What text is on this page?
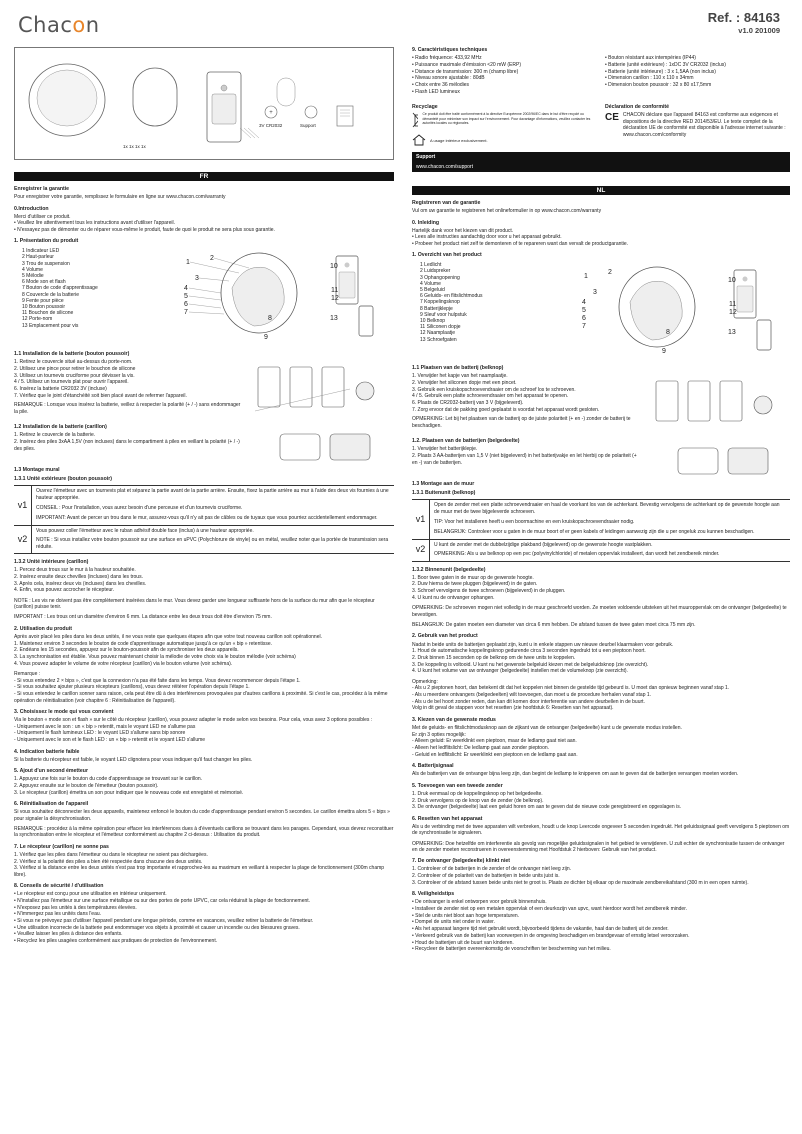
Chacon	Ref. : 84163
v1.0 201009
+
1x 1x 1x 1x
3V CR2032	Support
9. Caractéristiques techniques
• Radio fréquence: 433,92 MHz
• Puissance maximale d'émission <20 mW (ERP)
• Distance de transmission: 300 m (champ libre)
• Niveau sonore ajustable : 80dB
• Choix entre 36 mélodies
• Flash LED lumineux
• Bouton résistant aux intempéries (IP44)
• Batterie (unité extérieure) : 1xDC 3V CR2032 (inclus)
• Batterie (unité intérieure) : 3 x 1,5AA (non inclus)
• Dimension carillon : 110 x 110 x 34mm
• Dimension bouton poussoir : 32 x 80 x17,5mm
Recyclage
Ce produit doit être traité conformément à la directive Européenne 2002/96/EC dans le but d'être recyclé ou démantelé pour minimiser son impact sur l'environnement. Pour davantage d'informations, veuillez contacter les autorités locales ou régionales.
A usage intérieur exclusivement.
Déclaration de conformité
CE CHACON déclare que l'appareil 84163 est conforme aux exigences et dispositions de la directive RED 2014/53/EU. Le texte complet de la déclaration UE de conformité est disponible à l'adresse internet suivante : www.chacon.com/conformity
Support
www.chacon.com/support
FR
Enregistrer la garantie
Pour enregistrer votre garantie, remplissez le formulaire en ligne sur www.chacon.com/warranty
0.Introduction
Merci d'utiliser ce produit.
• Veuillez lire attentivement tous les instructions avant d'utiliser l'appareil.
• N'essayez pas de démonter ou de réparer vous-même le produit, faute de quoi le produit ne sera plus sous garantie.
1. Présentation du produit
1 Indicateur LED
2 Haut-parleur
3 Trou de suspension
4 Volume
5 Mélodie
6 Mode son et flash
7 Bouton de code d'apprentissage
8 Couvercle de la batterie
9 Fente pour pièce
10 Bouton poussoir
11 Bouchon de silicone
12 Porte-nom
13 Emplacement pour vis
1
2
3
4
5
6
7
8
9
10
11
12
13
1.1 Installation de la batterie (bouton poussoir)
1. Retirez le couvercle situé au-dessus du porte-nom.
2. Utilisez une pince pour retirer le bouchon de silicone
3. Utilisez un tournevis cruciforme pour dévisser la vis.
4 / 5. Utilisez un tournevis plat pour ouvrir l'appareil.
6. Insérez la batterie CR2032 3V (incluse)
7. Vérifiez que le joint d'étanchéité soit bien placé avant de refermer l'appareil.
REMARQUE : Lorsque vous insérez la batterie, veillez à respecter la polarité (+ / -) sans endommager la pile.
1.2 Installation de la batterie (carillon)
1. Retirez le couvercle de la batterie.
2. Insérez des piles 3xAA 1,5V (non incluses) dans le compartiment à piles en veillant la polarité (+ / -) des piles.
1.3 Montage mural
1.3.1 Unité extérieure (bouton poussoir)
v1
Ouvrez l'émetteur avec un tournevis plat et séparez la partie avant de la partie arrière. Ensuite, fixez la partie arrière au mur à l'aide des deux vis fournies à une hauteur appropriée.
CONSEIL : Pour l'installation, vous aurez besoin d'une perceuse et d'un tournevis cruciforme.
IMPORTANT: Avant de percer un trou dans le mur, assurez-vous qu'il n'y ait pas de câbles ou de tuyaux que vous pourriez accidentellement endommager.
v2
Vous pouvez coller l'émetteur avec le ruban adhésif double face (inclus) à une hauteur appropriée.
NOTE : Si vous installez votre bouton poussoir sur une surface en uPVC (Polychlorure de vinyle) ou en métal, veuillez noter que la portée de transmission sera réduite.
1.3.2 Unité intérieure (carillon)
1. Percez deux trous sur le mur à la hauteur souhaitée.
2. Insérez ensuite deux chevilles (incluses) dans les trous.
3. Après cela, insérez deux vis (incluses) dans les chevilles.
4. Enfin, vous pouvez accrocher le récepteur.
NOTE : Les vis ne doivent pas être complètement insérées dans le mur. Vous devez garder une longueur suffisante hors de la surface du mur afin que le récepteur (carillon) puisse tenir.
IMPORTANT : Les trous ont un diamètre d'environ 6 mm. La distance entre les deux trous doit être d'environ 75 mm.
2. Utilisation du produit
Après avoir placé les piles dans les deux unités, il ne vous reste que quelques étapes afin que votre tout nouveau carillon soit opérationnel.
1. Maintenez environ 3 secondes le bouton de code d'apprentissage automatique jusqu'à ce qu'un « bip » retentisse.
2. Endéans les 15 secondes, appuyez sur le bouton-poussoir afin de synchroniser les deux appareils.
3. La synchronisation est établie. Vous pouvez maintenant choisir la mélodie de votre choix via le bouton mélodie (voir schéma)
4. Vous pouvez adapter le volume de votre récepteur (carillon) via le bouton volume (voir schéma).
Remarque :
- Si vous entendez 2 × bips », c'est que la connexion n'a pas été faite dans les temps. Vous devez recommencer depuis l'étape 1.
- Si vous souhaitez ajouter plusieurs récepteurs (carillons), vous devez réitérer l'opération depuis l'étape 1.
- Si vous entendez le carillon sonner sans raison, cela peut être dû à des interférences provoquées par d'autres carillons à proximité. Si c'est le cas, procédez à la même opération de réinitialisation (voir chapitre 6 : Réinitialisation de l'appareil).
3. Choisissez le mode qui vous convient
Via le bouton « mode son et flash » sur le côté du récepteur (carillon), vous pouvez adapter le mode selon vos besoins. Pour cela, vous avez 3 options possibles :
- Uniquement avec le son : un « bip » retentit, mais le voyant LED ne s'allume pas
- Uniquement le flash lumineux LED : le voyant LED s'allume sans bip sonore
- Uniquement avec le son et le flash LED : un « bip » retentit et le voyant LED s'allume
4. Indication batterie faible
Si la batterie du récepteur est faible, le voyant LED clignotera pour vous indiquer qu'il faut changer les piles.
5. Ajout d'un second émetteur
1. Appuyez une fois sur le bouton du code d'apprentissage se trouvant sur le carillon.
2. Appuyez ensuite sur le bouton de l'émetteur (bouton poussoir).
3. Le récepteur (carillon) émettra un son pour indiquer que le nouveau code est enregistré et mémorisé.
6. Réinitialisation de l'appareil
Si vous souhaitez déconnecter les deux appareils, maintenez enfoncé le bouton du code d'apprentissage pendant environ 5 secondes. Le carillon émettra alors 5 « bips » pour signaler la désynchronisation.
REMARQUE : procédez à la même opération pour effacer les interférences dues à d'éventuels carillons se trouvant dans les parages. Cependant, vous devrez reconstituer la synchronisation entre le récepteur et l'émetteur conformément au chapitre 2 ci-dessus : Utilisation du produit.
7. Le récepteur (carillon) ne sonne pas
1. Vérifiez que les piles dans l'émetteur ou dans le récepteur ne soient pas déchargées.
2. Vérifiez si la polarité des piles a bien été respectée dans chacune des deux unités.
3. Vérifiez si la distance entre les deux unités n'est pas trop importante et rapprochez-les au maximum en veillant à respecter la plage de fonctionnement (300m champ libre).
8. Conseils de sécurité / d'utilisation
• Le récepteur est conçu pour une utilisation en intérieur uniquement.
• N'installez pas l'émetteur sur une surface métallique ou sur des portes de porte UPVC, car cela réduirait la plage de fonctionnement.
• N'exposez pas les unités à des températures élevées.
• N'immergez pas les unités dans l'eau.
• Si vous ne prévoyez pas d'utiliser l'appareil pendant une longue période, comme en vacances, veuillez retirer la batterie de l'émetteur.
• Une utilisation incorrecte de la batterie peut endommager vos objets à proximité et causer un incendie ou des blessures graves.
• Veuillez laisser les piles à distance des enfants.
• Recyclez les piles usagées conformément aux pratiques de protection de l'environnement.
NL
Registreren van de garantie
Vul om uw garantie te registreren het onlineformulier in op www.chacon.com/warranty
0. Inleiding
Hartelijk dank voor het kiezen van dit product.
• Lees alle instructies aandachtig door voor u het apparaat gebruikt.
• Probeer het product niet zelf te demonteren of te repareren want dan vervalt de productgarantie.
1. Overzicht van het product
1 Ledlicht
2 Luidspreker
3 Ophangopening
4 Volume
5 Belgeluid
6 Geluids- en flitslichtmodus
7 Koppelingsknop
8 Batterijklepje
9 Sleuf voor hulpstuk
10 Belknop
11 Siliconen dopje
12 Naamplaatje
13 Schroefgaten
1
2
3
4
5
6
7
8
9
10
11
12
13
1.1 Plaatsen van de batterij (belknop)
1. Verwijder het kapje van het naamplaatje.
2. Verwijder het siliconen dopje met een pincet.
3. Gebruik een kruiskopschroevendraaier om de schroef los te schroeven.
4 / 5. Gebruik een platte schroevendraaier om het apparaat te openen.
6. Plaats de CR2032-batterij van 3 V (bijgeleverd).
7. Zorg ervoor dat de pakking goed geplaatst is voordat het apparaat wordt gesloten.
OPMERKING: Let bij het plaatsen van de batterij op de juiste polariteit (+ en -) zonder de batterij te beschadigen.
1.2. Plaatsen van de batterijen (belgedeelte)
1. Verwijder het batterijklepje.
2. Plaats 3 AA-batterijen van 1,5 V (niet bijgeleverd) in het batterijvakje en let hierbij op de polariteit (+ en -) van de batterijen.
1.3 Montage aan de muur
1.3.1 Buitenunit (belknop)
v1
Open de zender met een platte schroevendraaier en haal de voorkant los van de achterkant. Bevestig vervolgens de achterkant op de gewenste hoogte aan de muur met de twee bijgeleverde schroeven.
TIP: Voor het installeren heeft u een boormachine en een kruiskopschroevendraaier nodig.
BELANGRIJK: Controleer voor u gaten in de muur boort of er geen kabels of leidingen aanwezig zijn die u per ongeluk zou kunnen beschadigen.
v2	U kunt de zender met de dubbelzijdige plakband (bijgeleverd) op de gewenste hoogte vastplakken.
OPMERKING: Als u uw belknop op een pvc (polyvinylchloride) of metalen oppervlak installeert, dan wordt het zendbereik minder.
1.3.2 Binnenunit (belgedeelte)
1. Boor twee gaten in de muur op de gewenste hoogte.
2. Duw hierna de twee pluggen (bijgeleverd) in de gaten.
3. Schroef vervolgens de twee schroeven (bijgeleverd) in de pluggen.
4. U kunt nu de ontvanger ophangen.
OPMERKING: De schroeven mogen niet volledig in de muur geschroefd worden. Ze moeten voldoende uitsteken uit het muuroppervlak om de ontvanger (belgedeelte) te bevestigen.
BELANGRIJK: De gaten moeten een diameter van circa 6 mm hebben. De afstand tussen de twee gaten moet circa 75 mm zijn.
2. Gebruik van het product
Nadat in beide units de batterijen geplaatst zijn, kunt u in enkele stappen uw nieuwe deurbel klaarmaken voor gebruik.
1. Houd de automatische koppelingsknop gedurende circa 3 seconden ingedrukt tot u een pieptoon hoort.
2. Druk binnen 15 seconden op de belknop om de twee units te koppelen.
3. De koppeling is voltooid. U kunt nu het gewenste belgeluid kiezen met de belgeluidsknop (zie overzicht).
4. U kunt het volume van uw ontvanger (belgedeelte) instellen met de volumeknop (zie overzicht).
Opmerking:
- Als u 2 pieptonen hoort, dan betekent dit dat het koppelen niet binnen de gestelde tijd gebeurd is. U moet dan opnieuw beginnen vanaf stap 1.
- Als u meerdere ontvangers (belgedeelten) wilt toevoegen, dan moet u de procedure herhalen vanaf stap 1.
- Als u de bel hoort zonder reden, dan kan dit komen door interferentie van andere deurbellen in de buurt.
Volg in dit geval de stappen voor het resetten (zie hoofdstuk 6: Resetten van het apparaat).
3. Kiezen van de gewenste modus
Met de geluids- en flitslichtmodusknop aan de zijkant van de ontvanger (belgedeelte) kunt u de gewenste modus instellen.
Er zijn 3 opties mogelijk:
- Alleen geluid: Er weerklinkt een pieptoon, maar de ledlamp gaat niet aan.
- Alleen het ledflitslicht: De ledlamp gaat aan zonder pieptoon.
- Geluid en ledflitslicht: Er weerklinkt een pieptoon en de ledlamp gaat aan.
4. Batterijsignaal
Als de batterijen van de ontvanger bijna leeg zijn, dan begint de ledlamp te knipperen om aan te geven dat de batterijen vervangen moeten worden.
5. Toevoegen van een tweede zender
1. Druk eenmaal op de koppelingsknop op het belgedeelte.
2. Druk vervolgens op de knop van de zender (de belknop).
3. De ontvanger (belgedeelte) laat een geluid horen om aan te geven dat de nieuwe code geregistreerd en opgeslagen is.
6. Resetten van het apparaat
Als u de verbinding met de twee apparaten wilt verbreken, houdt u de knop Leercode ongeveer 5 seconden ingedrukt. Het geluidssignaal geeft vervolgens 5 pieptonen om de synchronisatie te signaleren.
OPMERKING: Doe hetzelfde om interferentie als gevolg van mogelijke geluidssignalen in het gebied te verwijderen. U zult echter de synchronisatie tussen de ontvanger en de zender moeten reconstrueren in overeenstemming met Hoofdstuk 2 hierboven: Gebruik van het product.
7. De ontvanger (belgedeelte) klinkt niet
1. Controleer of de batterijen in de zender of de ontvanger niet leeg zijn.
2. Controleer of de polariteit van de batterijen in beide units juist is.
3. Controleer of de afstand tussen beide units niet te groot is. Plaats ze dichter bij elkaar op de maximale zendbereikafstand (300 m in een open ruimte).
8. Veiligheidstips
• De ontvanger is enkel ontworpen voor gebruik binnenshuis.
• Installeer de zender niet op een metalen oppervlak of een deurkozijn van upvc, want hierdoor wordt het zendbereik minder.
• Stel de units niet bloot aan hoge temperaturen.
• Dompel de units niet onder in water.
• Als het apparaat langere tijd niet gebruikt wordt, bijvoorbeeld tijdens de vakantie, haal dan de batterij uit de zender.
• Verkeerd gebruik van de batterij kan voorwerpen in de omgeving beschadigen en brandgevaar of ernstig letsel veroorzaken.
• Houd de batterijen uit de buurt van kinderen.
• Recycleer de batterijen overeenkomstig de voorschriften ter bescherming van het milieu.
